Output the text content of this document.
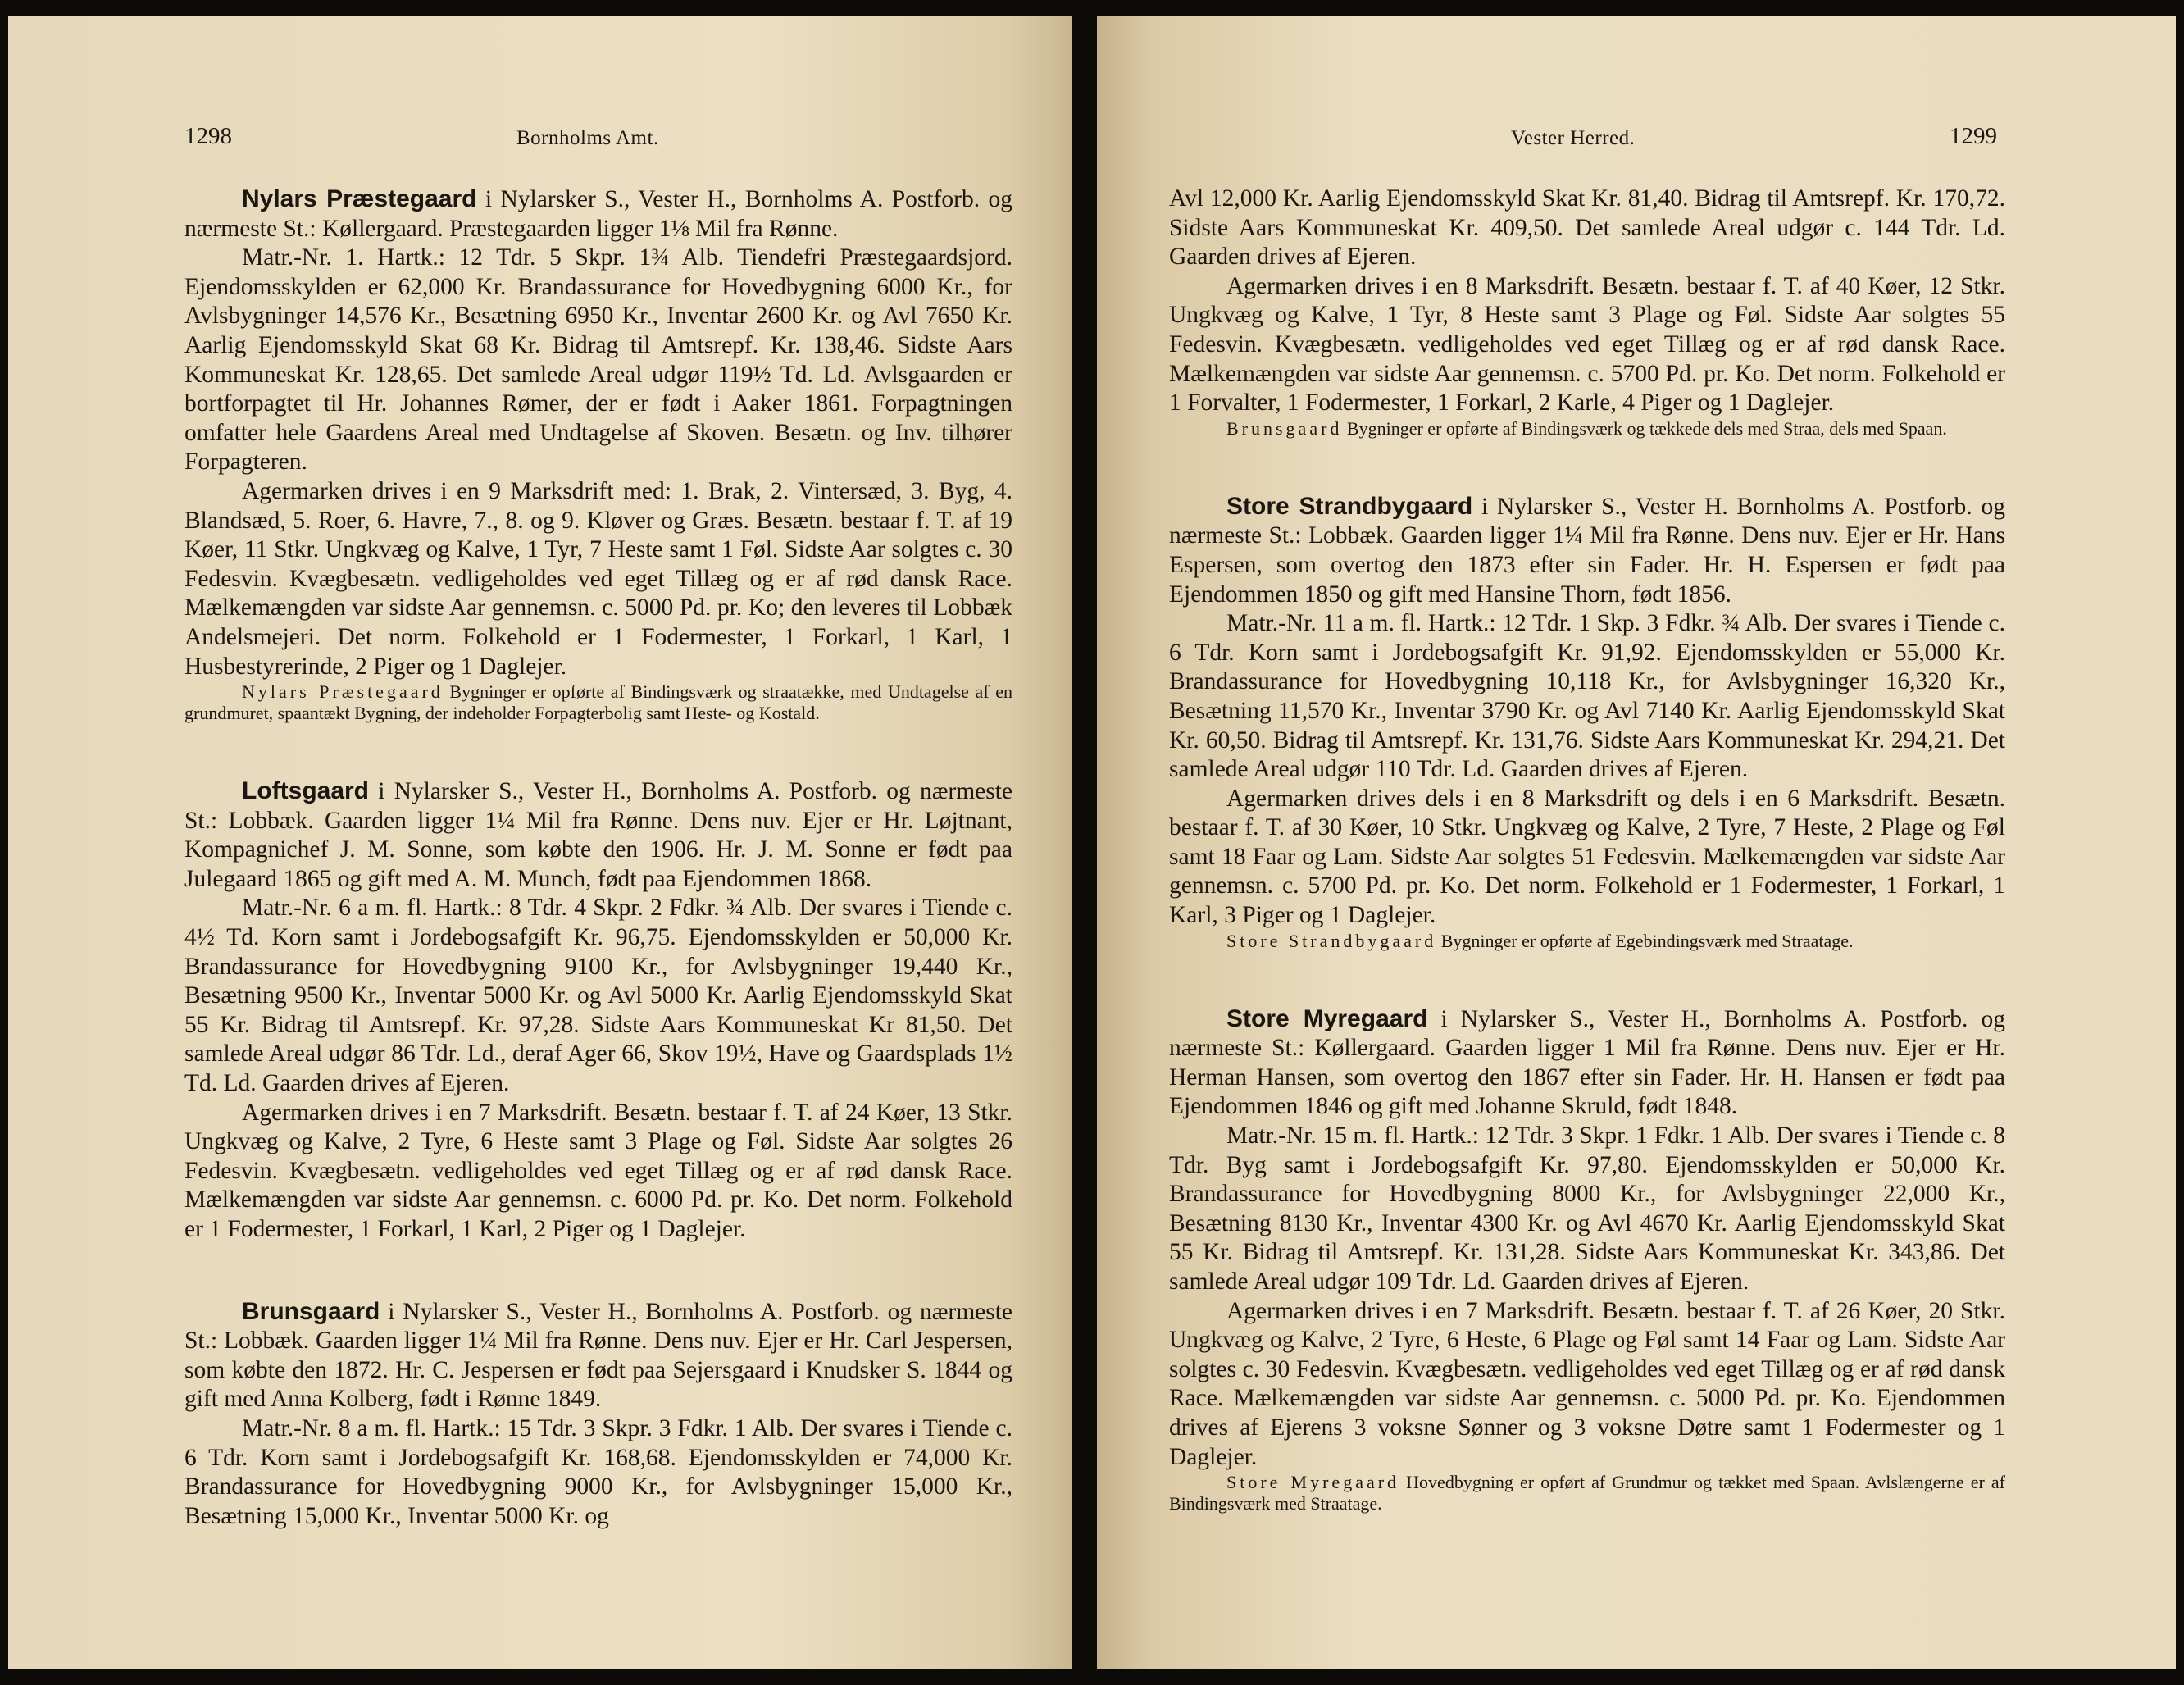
1298	Bornholms Amt.

Nylars Præstegaard i Nylarsker S., Vester H., Bornholms A. Postforb. og nærmeste St.: Køllergaard. Præstegaarden ligger 1⅛ Mil fra Rønne.

Matr.-Nr. 1. Hartk.: 12 Tdr. 5 Skpr. 1¾ Alb. Tiendefri Præstegaardsjord. Ejendomsskylden er 62,000 Kr. Brandassurance for Hovedbygning 6000 Kr., for Avlsbygninger 14,576 Kr., Besætning 6950 Kr., Inventar 2600 Kr. og Avl 7650 Kr. Aarlig Ejendomsskyld Skat 68 Kr. Bidrag til Amtsrepf. Kr. 138,46. Sidste Aars Kommuneskat Kr. 128,65. Det samlede Areal udgør 119½ Td. Ld. Avlsgaarden er bortforpagtet til Hr. Johannes Rømer, der er født i Aaker 1861. Forpagtningen omfatter hele Gaardens Areal med Undtagelse af Skoven. Besætn. og Inv. tilhører Forpagteren.

Agermarken drives i en 9 Marksdrift med: 1. Brak, 2. Vintersæd, 3. Byg, 4. Blandsæd, 5. Roer, 6. Havre, 7., 8. og 9. Kløver og Græs. Besætn. bestaar f. T. af 19 Køer, 11 Stkr. Ungkvæg og Kalve, 1 Tyr, 7 Heste samt 1 Føl. Sidste Aar solgtes c. 30 Fedesvin. Kvægbesætn. vedligeholdes ved eget Tillæg og er af rød dansk Race. Mælkemængden var sidste Aar gennemsn. c. 5000 Pd. pr. Ko; den leveres til Lobbæk Andelsmejeri. Det norm. Folkehold er 1 Fodermester, 1 Forkarl, 1 Karl, 1 Husbestyrerinde, 2 Piger og 1 Daglejer.

Nylars Præstegaard Bygninger er opførte af Bindingsværk og straatække, med Undtagelse af en grundmuret, spaantækt Bygning, der indeholder Forpagterbolig samt Heste- og Kostald.

Loftsgaard i Nylarsker S., Vester H., Bornholms A. Postforb. og nærmeste St.: Lobbæk. Gaarden ligger 1¼ Mil fra Rønne. Dens nuv. Ejer er Hr. Løjtnant, Kompagnichef J. M. Sonne, som købte den 1906. Hr. J. M. Sonne er født paa Julegaard 1865 og gift med A. M. Munch, født paa Ejendommen 1868.

Matr.-Nr. 6 a m. fl. Hartk.: 8 Tdr. 4 Skpr. 2 Fdkr. ¾ Alb. Der svares i Tiende c. 4½ Td. Korn samt i Jordebogsafgift Kr. 96,75. Ejendomsskylden er 50,000 Kr. Brandassurance for Hovedbygning 9100 Kr., for Avlsbygninger 19,440 Kr., Besætning 9500 Kr., Inventar 5000 Kr. og Avl 5000 Kr. Aarlig Ejendomsskyld Skat 55 Kr. Bidrag til Amtsrepf. Kr. 97,28. Sidste Aars Kommuneskat Kr 81,50. Det samlede Areal udgør 86 Tdr. Ld., deraf Ager 66, Skov 19½, Have og Gaardsplads 1½ Td. Ld. Gaarden drives af Ejeren.

Agermarken drives i en 7 Marksdrift. Besætn. bestaar f. T. af 24 Køer, 13 Stkr. Ungkvæg og Kalve, 2 Tyre, 6 Heste samt 3 Plage og Føl. Sidste Aar solgtes 26 Fedesvin. Kvægbesætn. vedligeholdes ved eget Tillæg og er af rød dansk Race. Mælkemængden var sidste Aar gennemsn. c. 6000 Pd. pr. Ko. Det norm. Folkehold er 1 Fodermester, 1 Forkarl, 1 Karl, 2 Piger og 1 Daglejer.

Brunsgaard i Nylarsker S., Vester H., Bornholms A. Postforb. og nærmeste St.: Lobbæk. Gaarden ligger 1¼ Mil fra Rønne. Dens nuv. Ejer er Hr. Carl Jespersen, som købte den 1872. Hr. C. Jespersen er født paa Sejersgaard i Knudsker S. 1844 og gift med Anna Kolberg, født i Rønne 1849.

Matr.-Nr. 8 a m. fl. Hartk.: 15 Tdr. 3 Skpr. 3 Fdkr. 1 Alb. Der svares i Tiende c. 6 Tdr. Korn samt i Jordebogsafgift Kr. 168,68. Ejendomsskylden er 74,000 Kr. Brandassurance for Hovedbygning 9000 Kr., for Avlsbygninger 15,000 Kr., Besætning 15,000 Kr., Inventar 5000 Kr. og

Vester Herred.	1299

Avl 12,000 Kr. Aarlig Ejendomsskyld Skat Kr. 81,40. Bidrag til Amtsrepf. Kr. 170,72. Sidste Aars Kommuneskat Kr. 409,50. Det samlede Areal udgør c. 144 Tdr. Ld. Gaarden drives af Ejeren.

Agermarken drives i en 8 Marksdrift. Besætn. bestaar f. T. af 40 Køer, 12 Stkr. Ungkvæg og Kalve, 1 Tyr, 8 Heste samt 3 Plage og Føl. Sidste Aar solgtes 55 Fedesvin. Kvægbesætn. vedligeholdes ved eget Tillæg og er af rød dansk Race. Mælkemængden var sidste Aar gennemsn. c. 5700 Pd. pr. Ko. Det norm. Folkehold er 1 Forvalter, 1 Fodermester, 1 Forkarl, 2 Karle, 4 Piger og 1 Daglejer.

Brunsgaard Bygninger er opførte af Bindingsværk og tækkede dels med Straa, dels med Spaan.

Store Strandbygaard i Nylarsker S., Vester H. Bornholms A. Postforb. og nærmeste St.: Lobbæk. Gaarden ligger 1¼ Mil fra Rønne. Dens nuv. Ejer er Hr. Hans Espersen, som overtog den 1873 efter sin Fader. Hr. H. Espersen er født paa Ejendommen 1850 og gift med Hansine Thorn, født 1856.

Matr.-Nr. 11 a m. fl. Hartk.: 12 Tdr. 1 Skp. 3 Fdkr. ¾ Alb. Der svares i Tiende c. 6 Tdr. Korn samt i Jordebogsafgift Kr. 91,92. Ejendomsskylden er 55,000 Kr. Brandassurance for Hovedbygning 10,118 Kr., for Avlsbygninger 16,320 Kr., Besætning 11,570 Kr., Inventar 3790 Kr. og Avl 7140 Kr. Aarlig Ejendomsskyld Skat Kr. 60,50. Bidrag til Amtsrepf. Kr. 131,76. Sidste Aars Kommuneskat Kr. 294,21. Det samlede Areal udgør 110 Tdr. Ld. Gaarden drives af Ejeren.

Agermarken drives dels i en 8 Marksdrift og dels i en 6 Marksdrift. Besætn. bestaar f. T. af 30 Køer, 10 Stkr. Ungkvæg og Kalve, 2 Tyre, 7 Heste, 2 Plage og Føl samt 18 Faar og Lam. Sidste Aar solgtes 51 Fedesvin. Mælkemængden var sidste Aar gennemsn. c. 5700 Pd. pr. Ko. Det norm. Folkehold er 1 Fodermester, 1 Forkarl, 1 Karl, 3 Piger og 1 Daglejer.

Store Strandbygaard Bygninger er opførte af Egebindingsværk med Straatage.

Store Myregaard i Nylarsker S., Vester H., Bornholms A. Postforb. og nærmeste St.: Køllergaard. Gaarden ligger 1 Mil fra Rønne. Dens nuv. Ejer er Hr. Herman Hansen, som overtog den 1867 efter sin Fader. Hr. H. Hansen er født paa Ejendommen 1846 og gift med Johanne Skruld, født 1848.

Matr.-Nr. 15 m. fl. Hartk.: 12 Tdr. 3 Skpr. 1 Fdkr. 1 Alb. Der svares i Tiende c. 8 Tdr. Byg samt i Jordebogsafgift Kr. 97,80. Ejendomsskylden er 50,000 Kr. Brandassurance for Hovedbygning 8000 Kr., for Avlsbygninger 22,000 Kr., Besætning 8130 Kr., Inventar 4300 Kr. og Avl 4670 Kr. Aarlig Ejendomsskyld Skat 55 Kr. Bidrag til Amtsrepf. Kr. 131,28. Sidste Aars Kommuneskat Kr. 343,86. Det samlede Areal udgør 109 Tdr. Ld. Gaarden drives af Ejeren.

Agermarken drives i en 7 Marksdrift. Besætn. bestaar f. T. af 26 Køer, 20 Stkr. Ungkvæg og Kalve, 2 Tyre, 6 Heste, 6 Plage og Føl samt 14 Faar og Lam. Sidste Aar solgtes c. 30 Fedesvin. Kvægbesætn. vedligeholdes ved eget Tillæg og er af rød dansk Race. Mælkemængden var sidste Aar gennemsn. c. 5000 Pd. pr. Ko. Ejendommen drives af Ejerens 3 voksne Sønner og 3 voksne Døtre samt 1 Fodermester og 1 Daglejer.

Store Myregaard Hovedbygning er opført af Grundmur og tækket med Spaan. Avlslængerne er af Bindingsværk med Straatage.
